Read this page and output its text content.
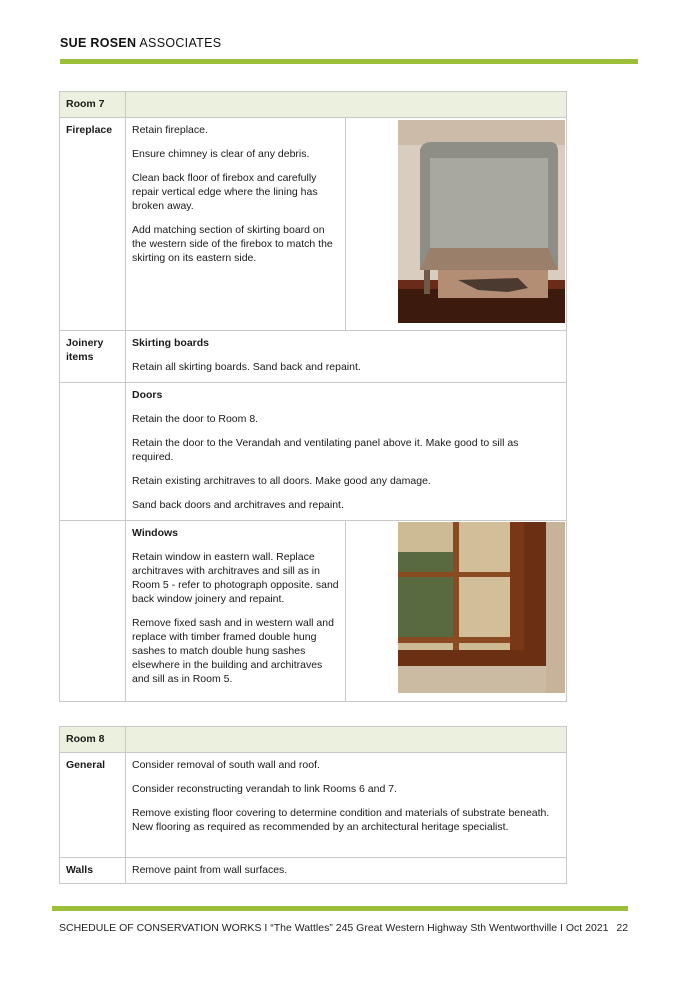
SUE ROSEN ASSOCIATES
Room 7		
Fireplace	Retain fireplace.

Ensure chimney is clear of any debris.

Clean back floor of firebox and carefully repair vertical edge where the lining has broken away.

Add matching section of skirting board on the western side of the firebox to match the skirting on its eastern side.	

Joinery items	Skirting boards

Retain all skirting boards. Sand back and repaint.	

	Doors

Retain the door to Room 8.

Retain the door to the Verandah and ventilating panel above it. Make good to sill as required.

Retain existing architraves to all doors. Make good any damage.

Sand back doors and architraves and repaint.	

	Windows

Retain window in eastern wall. Replace architraves with architraves and sill as in Room 5 - refer to photograph opposite. sand back window joinery and repaint.

Remove fixed sash and in western wall and replace with timber framed double hung sashes to match double hung sashes elsewhere in the building and architraves and sill as in Room 5.	

Room 8	
General	Consider removal of south wall and roof.

Consider reconstructing verandah to link Rooms 6 and 7.

Remove existing floor covering to determine condition and materials of substrate beneath. New flooring as required as recommended by an architectural heritage specialist.

Walls	Remove paint from wall surfaces.

SCHEDULE OF CONSERVATION WORKS I “The Wattles” 245 Great Western Highway Sth Wentworthville I Oct 2021 22
